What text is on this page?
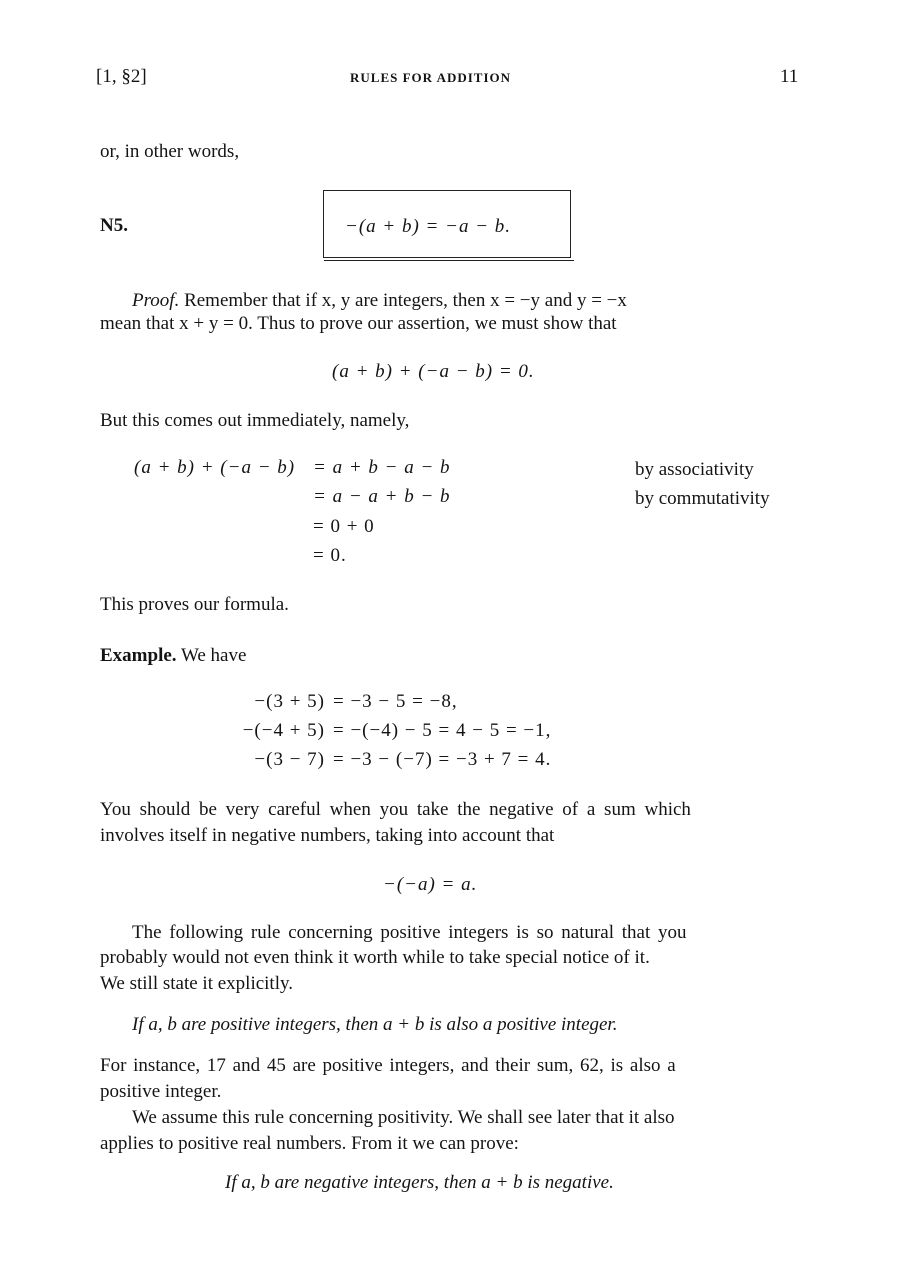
[1, §2]	RULES FOR ADDITION	11
or, in other words,
N5.	−(a + b) = −a − b.
Proof. Remember that if x, y are integers, then x = −y and y = −x
mean that x + y = 0. Thus to prove our assertion, we must show that
(a + b) + (−a − b) = 0.
But this comes out immediately, namely,
(a + b) + (−a − b) = a + b − a − b	by associativity
= a − a + b − b	by commutativity
= 0 + 0
= 0.
This proves our formula.
Example. We have
−(3 + 5) = −3 − 5 = −8,
−(−4 + 5) = −(−4) − 5 = 4 − 5 = −1,
−(3 − 7) = −3 − (−7) = −3 + 7 = 4.
You should be very careful when you take the negative of a sum which
involves itself in negative numbers, taking into account that
−(−a) = a.
The following rule concerning positive integers is so natural that you
probably would not even think it worth while to take special notice of it.
We still state it explicitly.
If a, b are positive integers, then a + b is also a positive integer.
For instance, 17 and 45 are positive integers, and their sum, 62, is also a
positive integer.
We assume this rule concerning positivity. We shall see later that it also
applies to positive real numbers. From it we can prove:
If a, b are negative integers, then a + b is negative.
